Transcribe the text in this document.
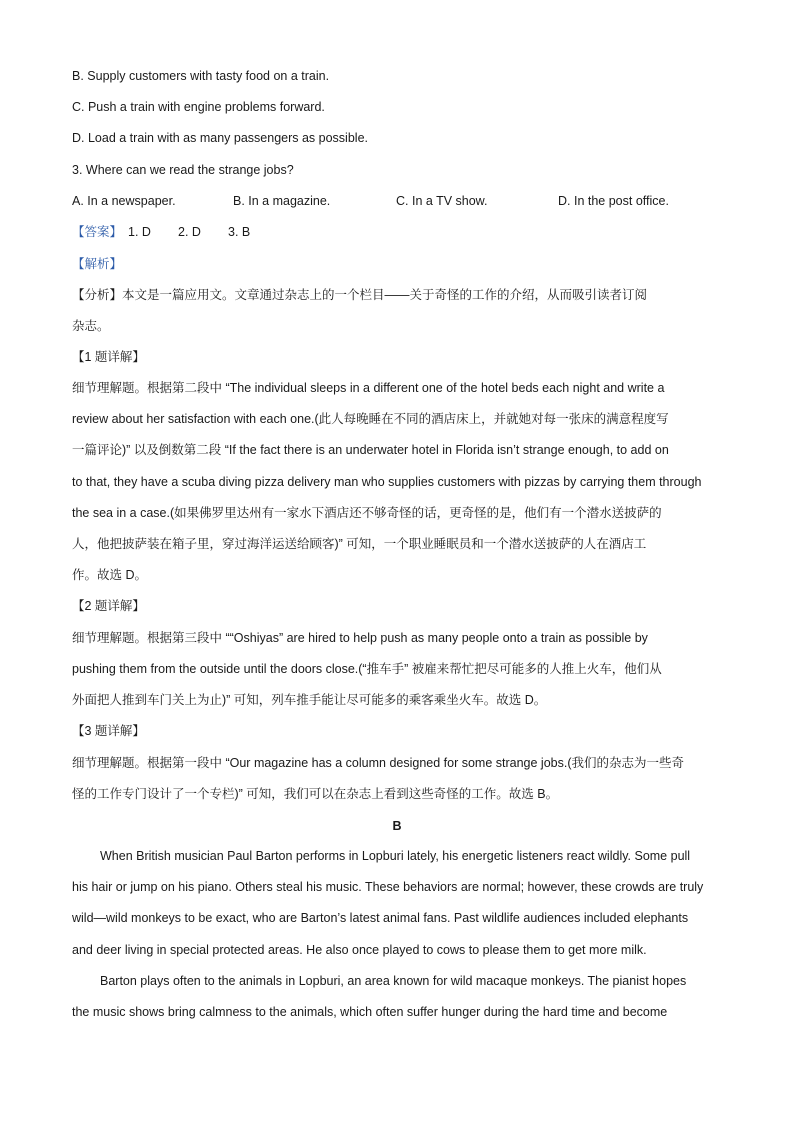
B. Supply customers with tasty food on a train.
C. Push a train with engine problems forward.
D. Load a train with as many passengers as possible.
3. Where can we read the strange jobs?
A. In a newspaper.	B. In a magazine.	C. In a TV show.	D. In the post office.
【答案】 1. D 2. D 3. B
【解析】
【分析】本文是一篇应用文。文章通过杂志上的一个栏目——关于奇怪的工作的介绍，从而吸引读者订阅
杂志。
【1 题详解】
细节理解题。根据第二段中 “The individual sleeps in a different one of the hotel beds each night and write a
review about her satisfaction with each one.(此人每晚睡在不同的酒店床上，并就她对每一张床的满意程度写
一篇评论)” 以及倒数第二段 “If the fact there is an underwater hotel in Florida isn’t strange enough, to add on
to that, they have a scuba diving pizza delivery man who supplies customers with pizzas by carrying them through
the sea in a case.(如果佛罗里达州有一家水下酒店还不够奇怪的话，更奇怪的是，他们有一个潜水送披萨的
人，他把披萨装在箱子里，穿过海洋运送给顾客)” 可知，一个职业睡眠员和一个潜水送披萨的人在酒店工
作。故选 D。
【2 题详解】
细节理解题。根据第三段中 ““Oshiyas” are hired to help push as many people onto a train as possible by
pushing them from the outside until the doors close.(“推车手” 被雇来帮忙把尽可能多的人推上火车，他们从
外面把人推到车门关上为止)” 可知，列车推手能让尽可能多的乘客乘坐火车。故选 D。
【3 题详解】
细节理解题。根据第一段中 “Our magazine has a column designed for some strange jobs.(我们的杂志为一些奇
怪的工作专门设计了一个专栏)” 可知，我们可以在杂志上看到这些奇怪的工作。故选 B。
B
When British musician Paul Barton performs in Lopburi lately, his energetic listeners react wildly. Some pull
his hair or jump on his piano. Others steal his music. These behaviors are normal; however, these crowds are truly
wild—wild monkeys to be exact, who are Barton’s latest animal fans. Past wildlife audiences included elephants
and deer living in special protected areas. He also once played to cows to please them to get more milk.
Barton plays often to the animals in Lopburi, an area known for wild macaque monkeys. The pianist hopes
the music shows bring calmness to the animals, which often suffer hunger during the hard time and become
